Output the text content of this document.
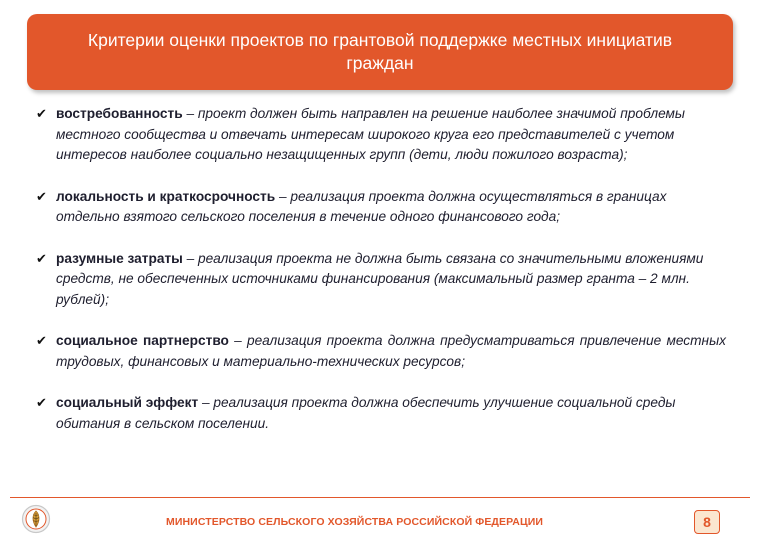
Критерии оценки проектов по грантовой поддержке местных инициатив граждан
✔ востребованность – проект должен быть направлен на решение наиболее значимой проблемы местного сообщества и отвечать интересам широкого круга его представителей с учетом интересов наиболее социально незащищенных групп (дети, люди пожилого возраста);
✔ локальность и краткосрочность – реализация проекта должна осуществляться в границах отдельно взятого сельского поселения в течение одного финансового года;
✔ разумные затраты – реализация проекта не должна быть связана со значительными вложениями средств, не обеспеченных источниками финансирования (максимальный размер гранта – 2 млн. рублей);
✔ социальное партнерство – реализация проекта должна предусматриваться привлечение местных трудовых, финансовых и материально-технических ресурсов;
✔ социальный эффект – реализация проекта должна обеспечить улучшение социальной среды обитания в сельском поселении.
МИНИСТЕРСТВО СЕЛЬСКОГО ХОЗЯЙСТВА РОССИЙСКОЙ ФЕДЕРАЦИИ	8
